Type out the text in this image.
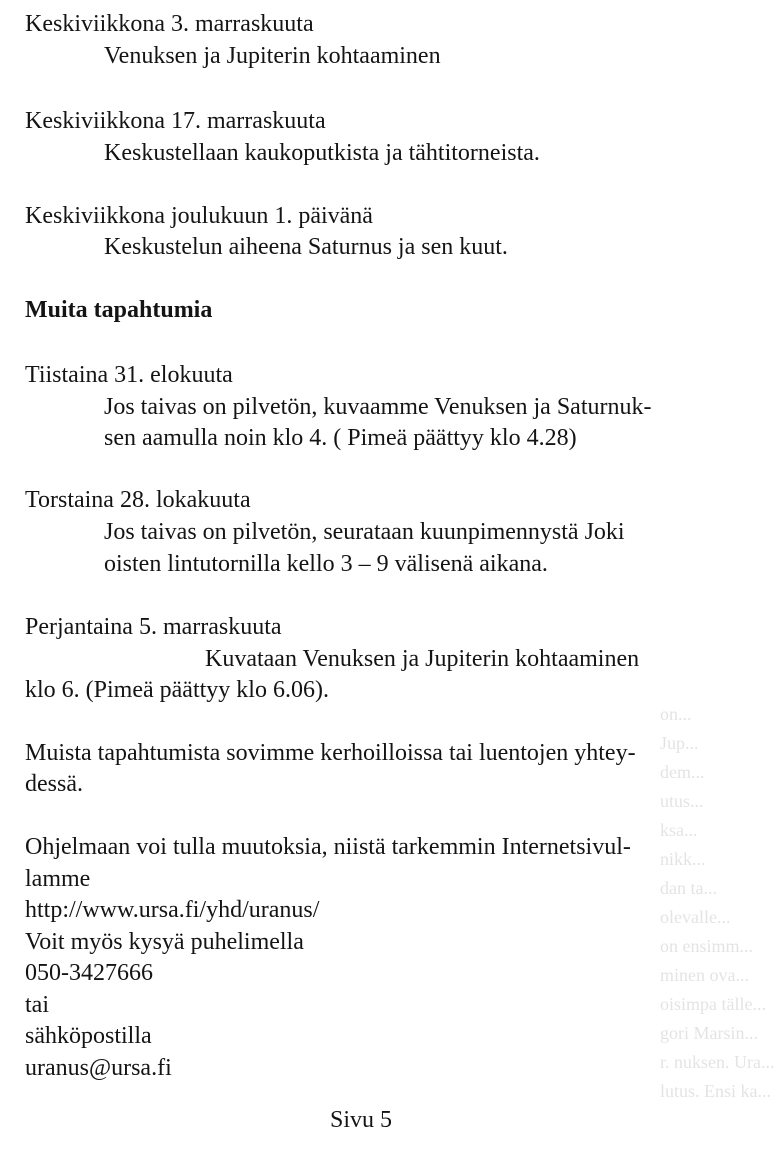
Keskiviikkona 3. marraskuuta
Venuksen ja Jupiterin kohtaaminen
Keskiviikkona 17. marraskuuta
Keskustellaan kaukoputkista ja tähtitorneista.
Keskiviikkona joulukuun 1. päivänä
Keskustelun aiheena Saturnus ja sen kuut.
Muita tapahtumia
Tiistaina 31. elokuuta
Jos taivas on pilvetön, kuvaamme Venuksen ja Saturnuk-
sen aamulla noin klo 4. ( Pimeä päättyy klo 4.28)
Torstaina 28. lokakuuta
Jos taivas on pilvetön, seurataan kuunpimennystä Joki
oisten lintutornilla kello 3 – 9 välisenä aikana.
Perjantaina 5. marraskuuta
Kuvataan Venuksen ja Jupiterin kohtaaminen
klo 6. (Pimeä päättyy klo 6.06).
Muista tapahtumista sovimme kerhoilloissa tai luentojen yhtey-
dessä.
Ohjelmaan voi tulla muutoksia, niistä tarkemmin Internetsivul-
lamme
http://www.ursa.fi/yhd/uranus/
Voit myös kysyä puhelimella
050-3427666
tai
sähköpostilla
uranus@ursa.fi
Sivu 5
on...
Jup...
dem...
utus...
ksa...
nikk...
dan ta...
olevalle...
on ensimm...
minen ova...
oisimpa tälle...
gori Marsin...
r. nuksen. Ura...
lutus. Ensi ka...
